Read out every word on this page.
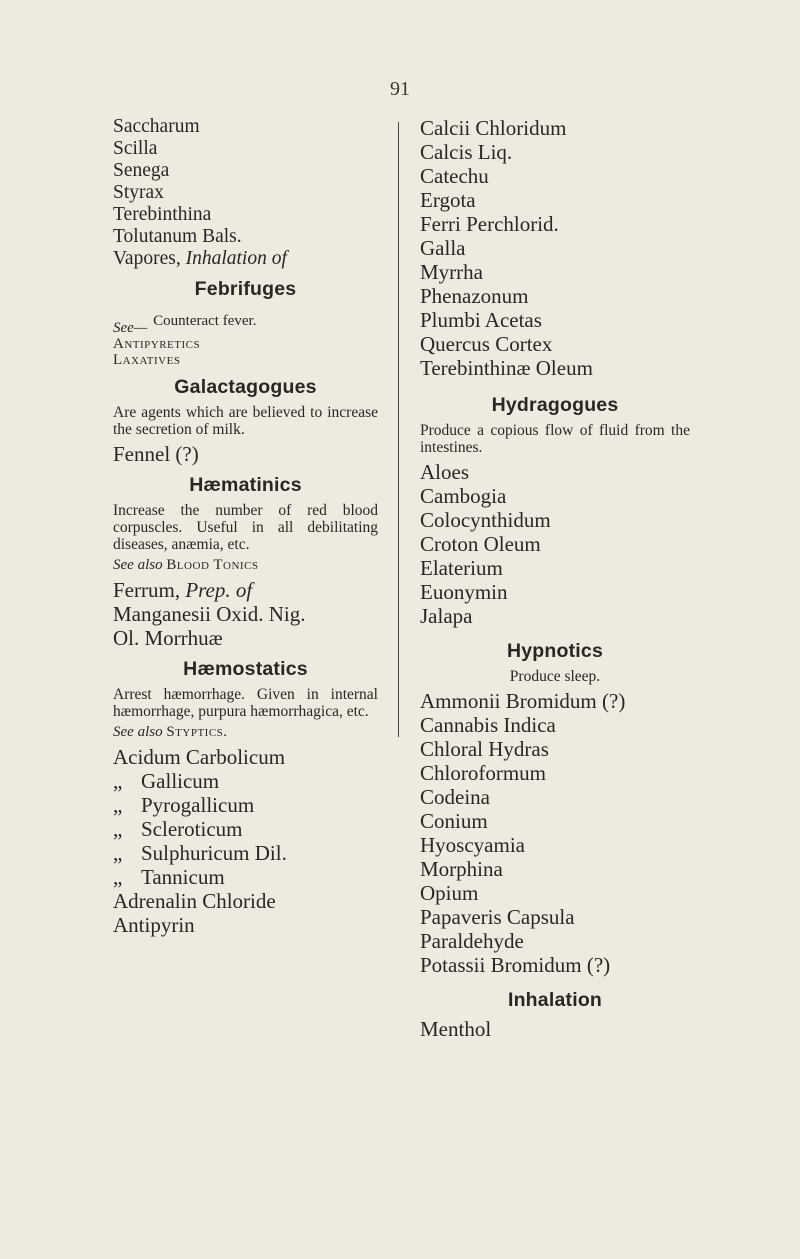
91
Saccharum
Scilla
Senega
Styrax
Terebinthina
Tolutanum Bals.
Vapores, Inhalation of
Febrifuges
See— Counteract fever.
Antipyretics
Laxatives
Galactagogues
Are agents which are believed to increase the secretion of milk.
Fennel (?)
Hæmatinics
Increase the number of red blood corpuscles. Useful in all debilitating diseases, anæmia, etc.
See also Blood Tonics
Ferrum, Prep. of
Manganesii Oxid. Nig.
Ol. Morrhuæ
Hæmostatics
Arrest hæmorrhage. Given in internal hæmorrhage, purpura hæmorrhagica, etc.
See also Styptics.
Acidum Carbolicum
„ Gallicum
„ Pyrogallicum
„ Scleroticum
„ Sulphuricum Dil.
„ Tannicum
Adrenalin Chloride
Antipyrin
Calcii Chloridum
Calcis Liq.
Catechu
Ergota
Ferri Perchlorid.
Galla
Myrrha
Phenazonum
Plumbi Acetas
Quercus Cortex
Terebinthinæ Oleum
Hydragogues
Produce a copious flow of fluid from the intestines.
Aloes
Cambogia
Colocynthidum
Croton Oleum
Elaterium
Euonymin
Jalapa
Hypnotics
Produce sleep.
Ammonii Bromidum (?)
Cannabis Indica
Chloral Hydras
Chloroformum
Codeina
Conium
Hyoscyamia
Morphina
Opium
Papaveris Capsula
Paraldehyde
Potassii Bromidum (?)
Inhalation
Menthol
